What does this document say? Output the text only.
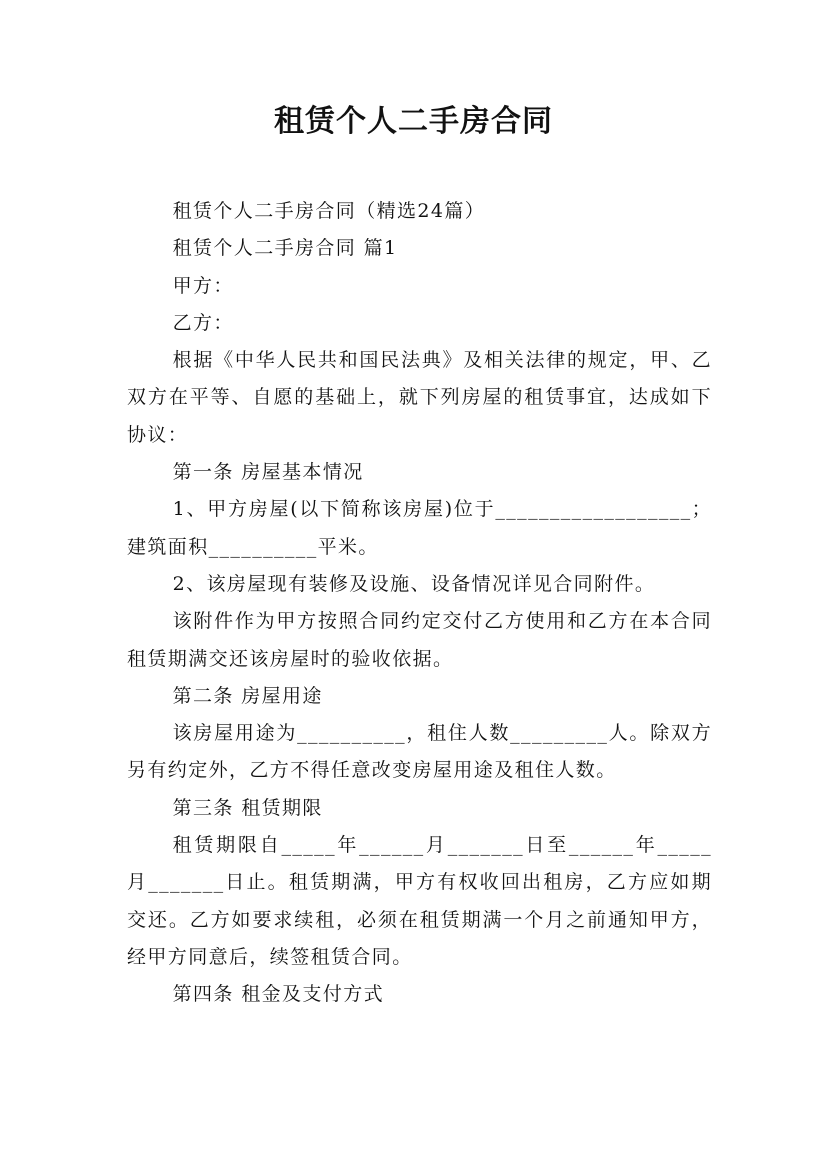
租赁个人二手房合同

租赁个人二手房合同（精选24篇）

租赁个人二手房合同 篇1

甲方：

乙方：

根据《中华人民共和国民法典》及相关法律的规定，甲、乙双方在平等、自愿的基础上，就下列房屋的租赁事宜，达成如下协议：

第一条 房屋基本情况

1、甲方房屋(以下简称该房屋)位于__________________；建筑面积__________平米。

2、该房屋现有装修及设施、设备情况详见合同附件。

该附件作为甲方按照合同约定交付乙方使用和乙方在本合同租赁期满交还该房屋时的验收依据。

第二条 房屋用途

该房屋用途为__________，租住人数_________人。除双方另有约定外，乙方不得任意改变房屋用途及租住人数。

第三条 租赁期限

租赁期限自_____年______月_______日至______年_____月_______日止。租赁期满，甲方有权收回出租房，乙方应如期交还。乙方如要求续租，必须在租赁期满一个月之前通知甲方，经甲方同意后，续签租赁合同。

第四条 租金及支付方式
